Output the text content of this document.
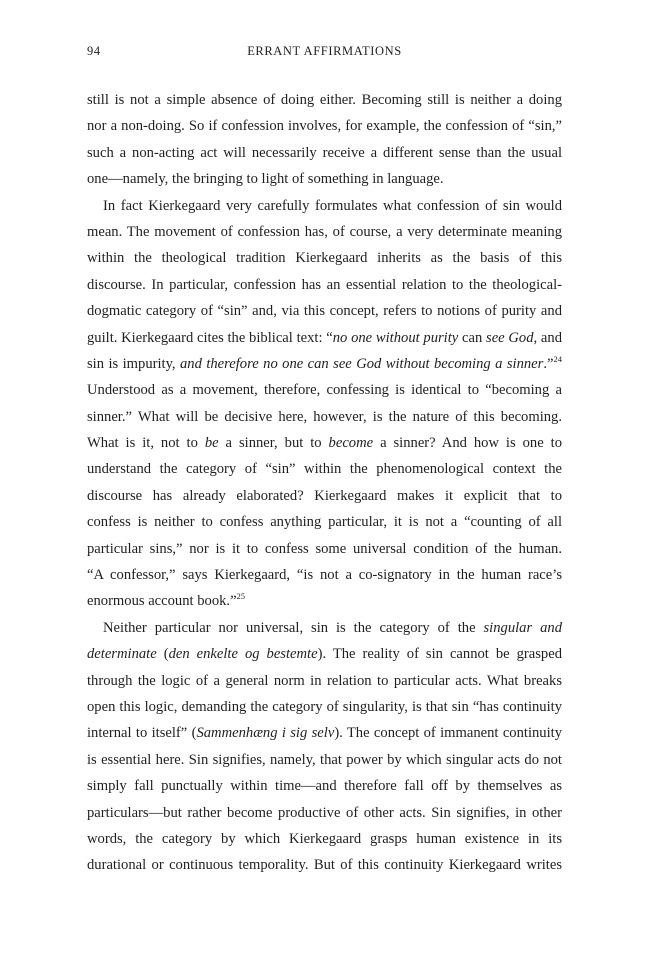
94	ERRANT AFFIRMATIONS
still is not a simple absence of doing either. Becoming still is neither a doing
nor a non-doing. So if confession involves, for example, the confession of “sin,”
such a non-acting act will necessarily receive a different sense than the usual
one—namely, the bringing to light of something in language.
In fact Kierkegaard very carefully formulates what confession of sin would
mean. The movement of confession has, of course, a very determinate meaning
within the theological tradition Kierkegaard inherits as the basis of this
discourse. In particular, confession has an essential relation to the theological-
dogmatic category of “sin” and, via this concept, refers to notions of purity and
guilt. Kierkegaard cites the biblical text: “no one without purity can see God, and
sin is impurity, and therefore no one can see God without becoming a sinner.”$^{24}$
Understood as a movement, therefore, confessing is identical to “becoming a
sinner.” What will be decisive here, however, is the nature of this becoming.
What is it, not to be a sinner, but to become a sinner? And how is one to
understand the category of “sin” within the phenomenological context the
discourse has already elaborated? Kierkegaard makes it explicit that to
confess is neither to confess anything particular, it is not a “counting of all
particular sins,” nor is it to confess some universal condition of the human.
“A confessor,” says Kierkegaard, “is not a co-signatory in the human race’s
enormous account book.”$^{25}$
Neither particular nor universal, sin is the category of the singular and
determinate (den enkelte og bestemte). The reality of sin cannot be grasped
through the logic of a general norm in relation to particular acts. What breaks
open this logic, demanding the category of singularity, is that sin “has continuity
internal to itself” (Sammenhæng i sig selv). The concept of immanent continuity
is essential here. Sin signifies, namely, that power by which singular acts do not
simply fall punctually within time—and therefore fall off by themselves as
particulars—but rather become productive of other acts. Sin signifies, in other
words, the category by which Kierkegaard grasps human existence in its
durational or continuous temporality. But of this continuity Kierkegaard writes
